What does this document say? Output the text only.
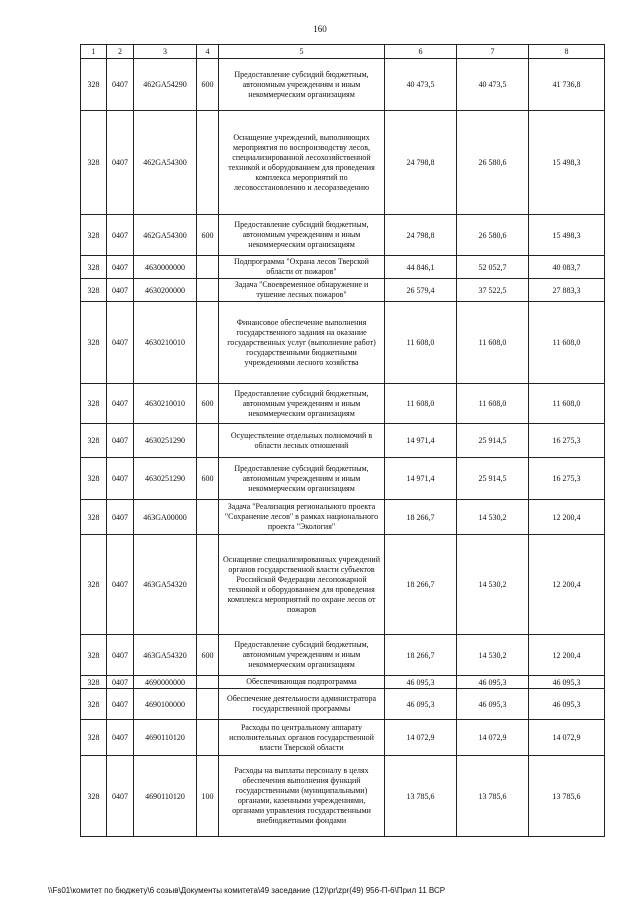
160
1	2	3	4	5	6	7	8
328	0407	462GA54290	600	Предоставление субсидий бюджетным, автономным учреждениям и иным некоммерческим организациям	40 473,5	40 473,5	41 736,8
328	0407	462GA54300		Оснащение учреждений, выполняющих мероприятия по воспроизводству лесов, специализированной лесохозяйственной техникой и оборудованием для проведения комплекса мероприятий по лесовосстановлению и лесоразведению	24 798,8	26 580,6	15 498,3
328	0407	462GA54300	600	Предоставление субсидий бюджетным, автономным учреждениям и иным некоммерческим организациям	24 798,8	26 580,6	15 498,3
328	0407	4630000000		Подпрограмма "Охрана лесов Тверской области от пожаров"	44 846,1	52 052,7	40 083,7
328	0407	4630200000		Задача "Своевременное обнаружение и тушение лесных пожаров"	26 579,4	37 522,5	27 883,3
328	0407	4630210010		Финансовое обеспечение выполнения государственного задания на оказание государственных услуг (выполнение работ) государственными бюджетными учреждениями лесного хозяйства	11 608,0	11 608,0	11 608,0
328	0407	4630210010	600	Предоставление субсидий бюджетным, автономным учреждениям и иным некоммерческим организациям	11 608,0	11 608,0	11 608,0
328	0407	4630251290		Осуществление отдельных полномочий в области лесных отношений	14 971,4	25 914,5	16 275,3
328	0407	4630251290	600	Предоставление субсидий бюджетным, автономным учреждениям и иным некоммерческим организациям	14 971,4	25 914,5	16 275,3
328	0407	463GA00000		Задача "Реализация регионального проекта "Сохранение лесов" в рамках национального проекта "Экология"	18 266,7	14 530,2	12 200,4
328	0407	463GA54320		Оснащение специализированных учреждений органов государственной власти субъектов Российской Федерации лесопожарной техникой и оборудованием для проведения комплекса мероприятий по охране лесов от пожаров	18 266,7	14 530,2	12 200,4
328	0407	463GA54320	600	Предоставление субсидий бюджетным, автономным учреждениям и иным некоммерческим организациям	18 266,7	14 530,2	12 200,4
328	0407	4690000000		Обеспечивающая подпрограмма	46 095,3	46 095,3	46 095,3
328	0407	4690100000		Обеспечение деятельности администратора государственной программы	46 095,3	46 095,3	46 095,3
328	0407	4690110120		Расходы по центральному аппарату исполнительных органов государственной власти Тверской области	14 072,9	14 072,9	14 072,9
328	0407	4690110120	100	Расходы на выплаты персоналу в целях обеспечения выполнения функций государственными (муниципальными) органами, казенными учреждениями, органами управления государственными внебюджетными фондами	13 785,6	13 785,6	13 785,6
\\Fs01\комитет по бюджету\6 созыв\Документы комитета\49 заседание (12)\pr\zpr(49) 956-П-6\Прил 11 ВСР
